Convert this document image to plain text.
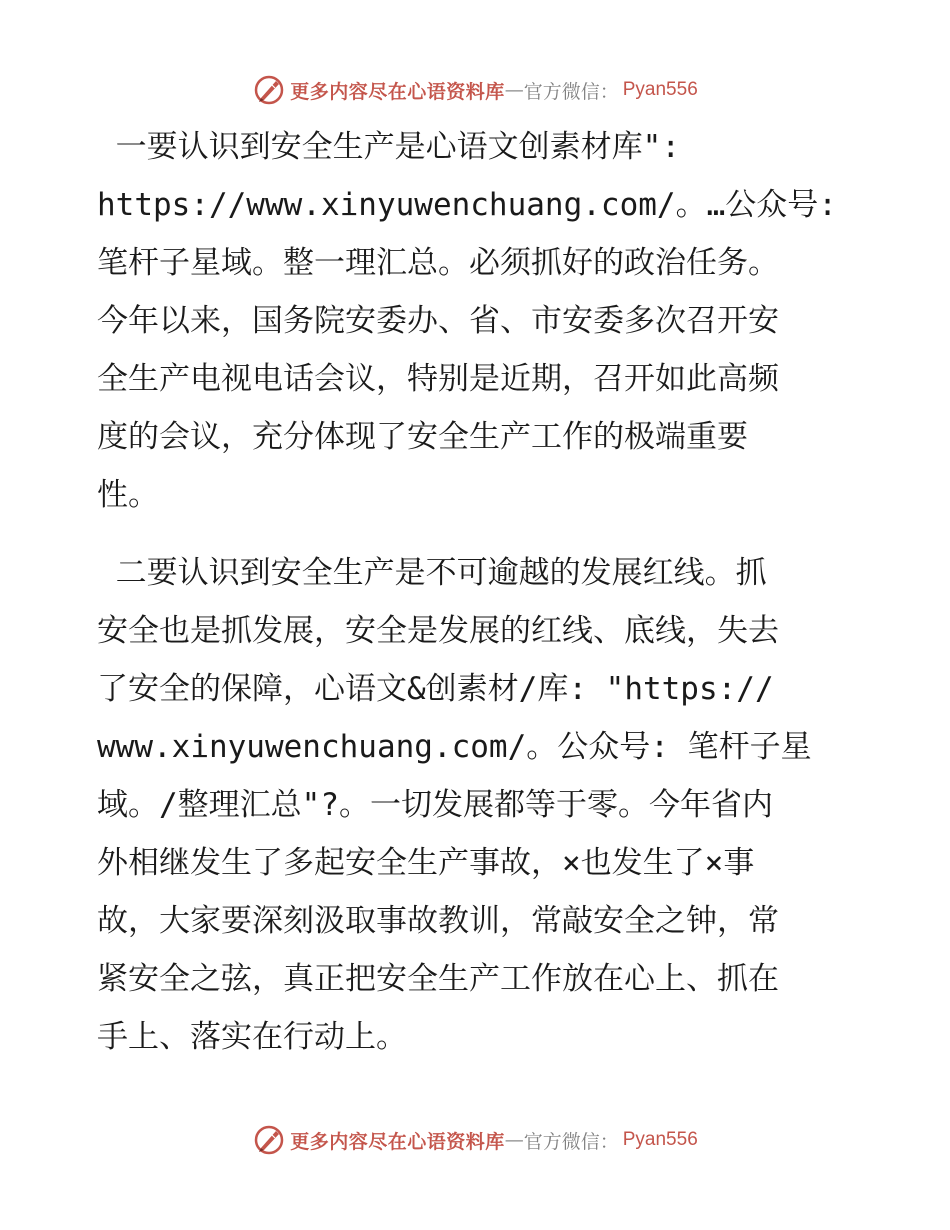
更多内容尽在心语资料库 — 官方微信： Pyan556
一要认识到安全生产是心语文创素材库":
https://www.xinyuwenchuang.com/。…公众号:
笔杆子星域。整一理汇总。必须抓好的政治任务。
今年以来，国务院安委办、省、市安委多次召开安
全生产电视电话会议，特别是近期，召开如此高频
度的会议，充分体现了安全生产工作的极端重要
性。
二要认识到安全生产是不可逾越的发展红线。抓
安全也是抓发展，安全是发展的红线、底线，失去
了安全的保障，心语文&创素材/库: "https://
www.xinyuwenchuang.com/。公众号: 笔杆子星
域。/整理汇总"?。一切发展都等于零。今年省内
外相继发生了多起安全生产事故，×也发生了×事
故，大家要深刻汲取事故教训，常敲安全之钟，常
紧安全之弦，真正把安全生产工作放在心上、抓在
手上、落实在行动上。
更多内容尽在心语资料库 — 官方微信： Pyan556
